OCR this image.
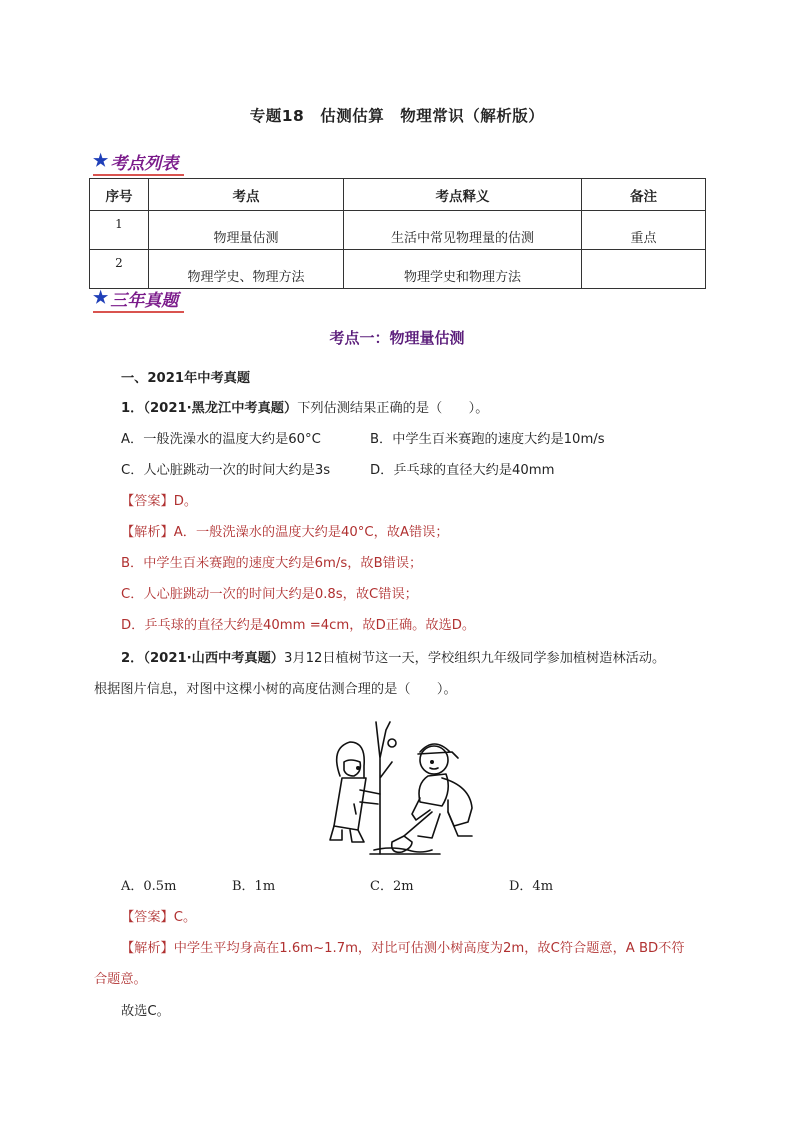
专题18　估测估算　物理常识（解析版）
★ 考点列表
序号	考点	考点释义	备注
1	物理量估测	生活中常见物理量的估测	重点
2	物理学史、物理方法	物理学史和物理方法	
★ 三年真题
考点一：物理量估测
一、2021年中考真题
1．（2021·黑龙江中考真题）下列估测结果正确的是（　　）。
A．一般洗澡水的温度大约是60°C	B．中学生百米赛跑的速度大约是10m/s
C．人心脏跳动一次的时间大约是3s	D．乒乓球的直径大约是40mm
【答案】D。
【解析】A．一般洗澡水的温度大约是40°C，故A错误；
B．中学生百米赛跑的速度大约是6m/s，故B错误；
C．人心脏跳动一次的时间大约是0.8s，故C错误；
D．乒乓球的直径大约是40mm =4cm，故D正确。故选D。
2．（2021·山西中考真题）3月12日植树节这一天，学校组织九年级同学参加植树造林活动。
根据图片信息，对图中这棵小树的高度估测合理的是（　　）。
A．0.5m	B．1m	C．2m	D．4m
【答案】C。
【解析】中学生平均身高在1.6m~1.7m，对比可估测小树高度为2m，故C符合题意，A BD不符
合题意。
故选C。
